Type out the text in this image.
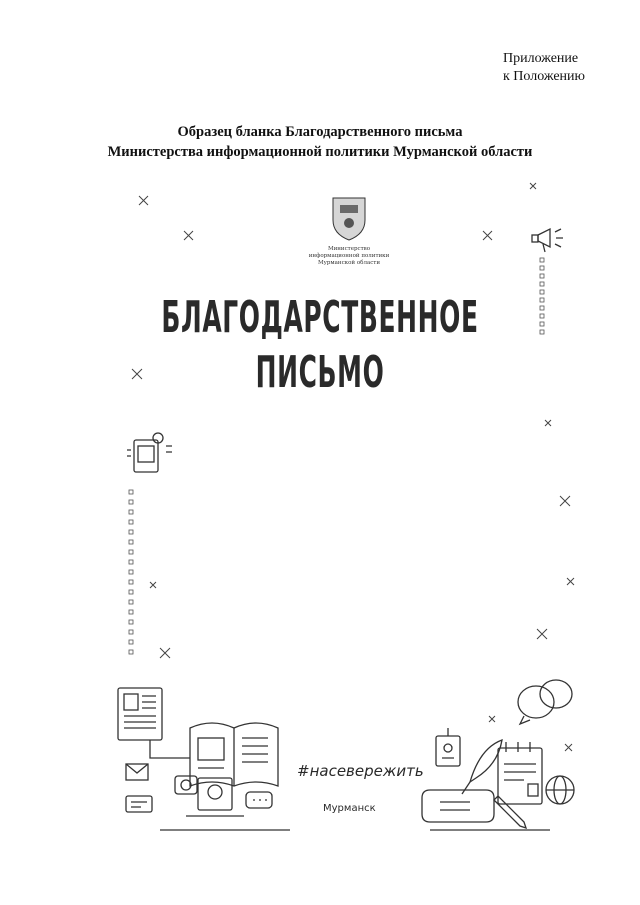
Приложение
к Положению
Образец бланка Благодарственного письма
Министерства информационной политики Мурманской области
Министерство
информационной политики
Мурманской области
БЛАГОДАРСТВЕННОЕ
ПИСЬМО
#насевережить
Мурманск
